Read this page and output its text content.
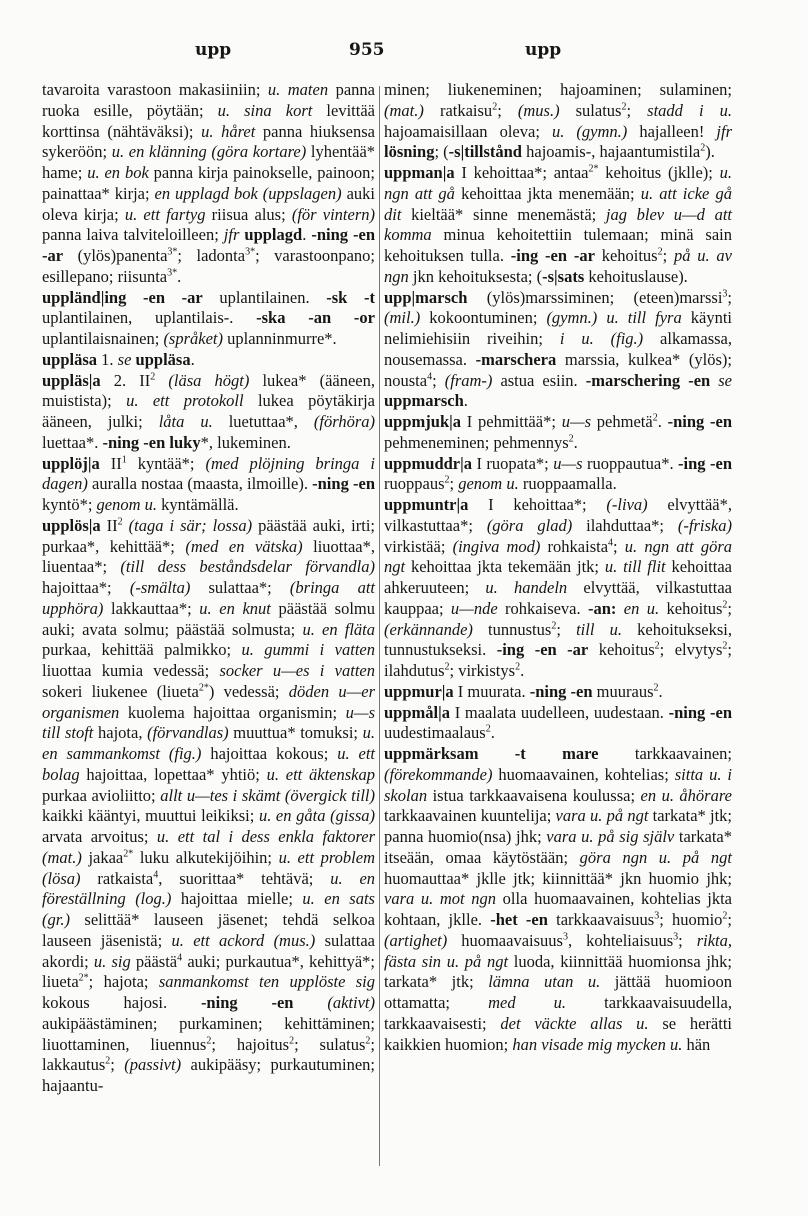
upp	955	upp

tavaroita varastoon makasiiniin; u. maten panna ruoka esille, pöytään; u. sina kort levittää korttinsa (nähtäväksi); u. håret panna hiuksensa sykeröön; u. en klänning (göra kortare) lyhentää* hame; u. en bok panna kirja painokselle, painoon; painattaa* kirja; en upplagd bok (uppslagen) auki oleva kirja; u. ett fartyg riisua alus; (för vintern) panna laiva talviteloilleen; jfr upplagd. -ning -en -ar (ylös)panenta$^{3*}$; ladonta$^{3*}$; varastoonpano; esillepano; riisunta$^{3*}$.

uppländ|ing -en -ar uplantilainen. -sk -t uplantilainen, uplantilais-. -ska -an -or uplantilaisnainen; (språket) uplanninmurre*.

uppläsa 1. se uppläsa.

uppläs|a 2. $II^2$ (läsa högt) lukea* (ääneen, muististа); u. ett protokoll lukea pöytäkirja ääneen, julki; låta u. luetuttaa*, (förhöra) luettaa*. -ning -en lukу*, lukeminen.

upplöj|a $II^1$ kyntää*; (med plöjning bringa i dagen) auralla nostaa (maasta, ilmoille). -ning -en kyntö*; genom u. kyntämällä.

upplös|a $II^2$ (taga i sär; lossa) päästää auki, irti; purkaa*, kehittää*; (med en vätska) liuottaa*, liuentaa*; (till dess beståndsdelar förvandla) hajoittaa*; (-smälta) sulattaa*; (bringa att upphöra) lakkauttaa*; u. en knut päästää solmu auki; avata solmu; päästää solmusta; u. en fläta purkaa, kehittää palmikko; u. gummi i vatten liuottaa kumia vedessä; socker u—es i vatten sokeri liukenee (liueta$^{2*}$) vedessä; döden u—er organismen kuolema hajoittaa organismin; u—s till stoft hajota, (förvandlas) muuttua* tomuksi; u. en sammankomst (fig.) hajoittaa kokous; u. ett bolag hajoittaa, lopettaa* yhtiö; u. ett äktenskap purkaa avioliitto; allt u—tes i skämt (övergick till) kaikki kääntyi, muuttui leikiksi; u. en gåta (gissa) arvata arvoitus; u. ett tal i dess enkla faktorer (mat.) jakaa$^{2*}$ luku alkutekijöihin; u. ett problem (lösa) ratkaista$^4$, suorittaa* tehtävä; u. en föreställning (log.) hajoittaa mielle; u. en sats (gr.) selittää* lauseen jäsenet; tehdä selkoa lauseen jäsenistä; u. ett ackord (mus.) sulattaa akordi; u. sig päästä$^4$ auki; purkautua*, kehittyä*; liueta$^{2*}$; hajota; sanmankomst ten upplöste sig kokous hajosi. -ning -en (aktivt) aukipäästäminen; purkaminen; kehittäminen; liuottaminen, liuennus$^2$; hajoitus$^2$; sulatus$^2$; lakkautus$^2$; (passivt) aukipääsy; purkautuminen; hajaantu-

minen; liukeneminen; hajoaminen; sulaminen; (mat.) ratkaisu$^2$; (mus.) sulatus$^2$; stadd i u. hajoamaisillaan oleva; u. (gymn.) hajalleen! jfr lösning; (-s|tillstånd hajoamis-, hajaantumistila$^2$).

uppman|a I kehoittaa*; antaa$^{2*}$ kehoitus (jklle); u. ngn att gå kehoittaa jkta menemään; u. att icke gå dit kieltää* sinne menemästä; jag blev u—d att komma minua kehoitettiin tulemaan; minä sain kehoituksen tulla. -ing -en -ar kehoitus$^2$; på u. av ngn jkn kehoituksesta; (-s|sats kehoituslause).

upp|marsch (ylös)marssiminen; (eteen)marssi$^3$; (mil.) kokoontuminen; (gymn.) u. till fyra käynti nelimiehisiin riveihin; i u. (fig.) alkamassa, nousemassa. -marschera marssia, kulkea* (ylös); nousta$^4$; (fram-) astua esiin. -marschering -en se uppmarsch.

uppmjuk|a I pehmittää*; u—s pehmetä$^2$. -ning -en pehmeneminen; pehmennys$^2$.

uppmuddr|a I ruopata*; u—s ruoppautua*. -ing -en ruoppaus$^2$; genom u. ruoppaamalla.

uppmuntr|a I kehoittaa*; (-liva) elvyttää*, vilkastuttaa*; (göra glad) ilahduttaa*; (-friska) virkistää; (ingiva mod) rohkaista$^4$; u. ngn att göra ngt kehoittaa jkta tekemään jtk; u. till flit kehoittaa ahkeruuteen; u. handeln elvyttää, vilkastuttaa kauppaa; u—nde rohkaiseva. -an: en u. kehoitus$^2$; (erkännande) tunnustus$^2$; till u. kehoitukseksi, tunnustukseksi. -ing -en -ar kehoitus$^2$; elvytys$^2$; ilahdutus$^2$; virkistys$^2$.

uppmur|a I muurata. -ning -en muuraus$^2$.

uppmål|a I maalata uudelleen, uudestaan. -ning -en uudestimaalaus$^2$.

uppmärksam -t mare tarkkaavainen; (förekommande) huomaavainen, kohtelias; sitta u. i skolan istua tarkkaavaisena koulussa; en u. åhörare tarkkaavainen kuuntelija; vara u. på ngt tarkata* jtk; panna huomio(nsa) jhk; vara u. på sig själv tarkata* itseään, omaa käytöstään; göra ngn u. på ngt huomauttaa* jklle jtk; kiinnittää* jkn huomio jhk; vara u. mot ngn olla huomaavainen, kohtelias jkta kohtaan, jklle. -het -en tarkkaavaisuus$^3$; huomio$^2$; (artighet) huomaavaisuus$^3$, kohteliaisuus$^3$; rikta, fästa sin u. på ngt luoda, kiinnittää huomionsa jhk; tarkata* jtk; lämna utan u. jättää huomioon ottamatta; med u. tarkkaavaisuudella, tarkkaavaisesti; det väckte allas u. se herätti kaikkien huomion; han visade mig mycken u. hän
